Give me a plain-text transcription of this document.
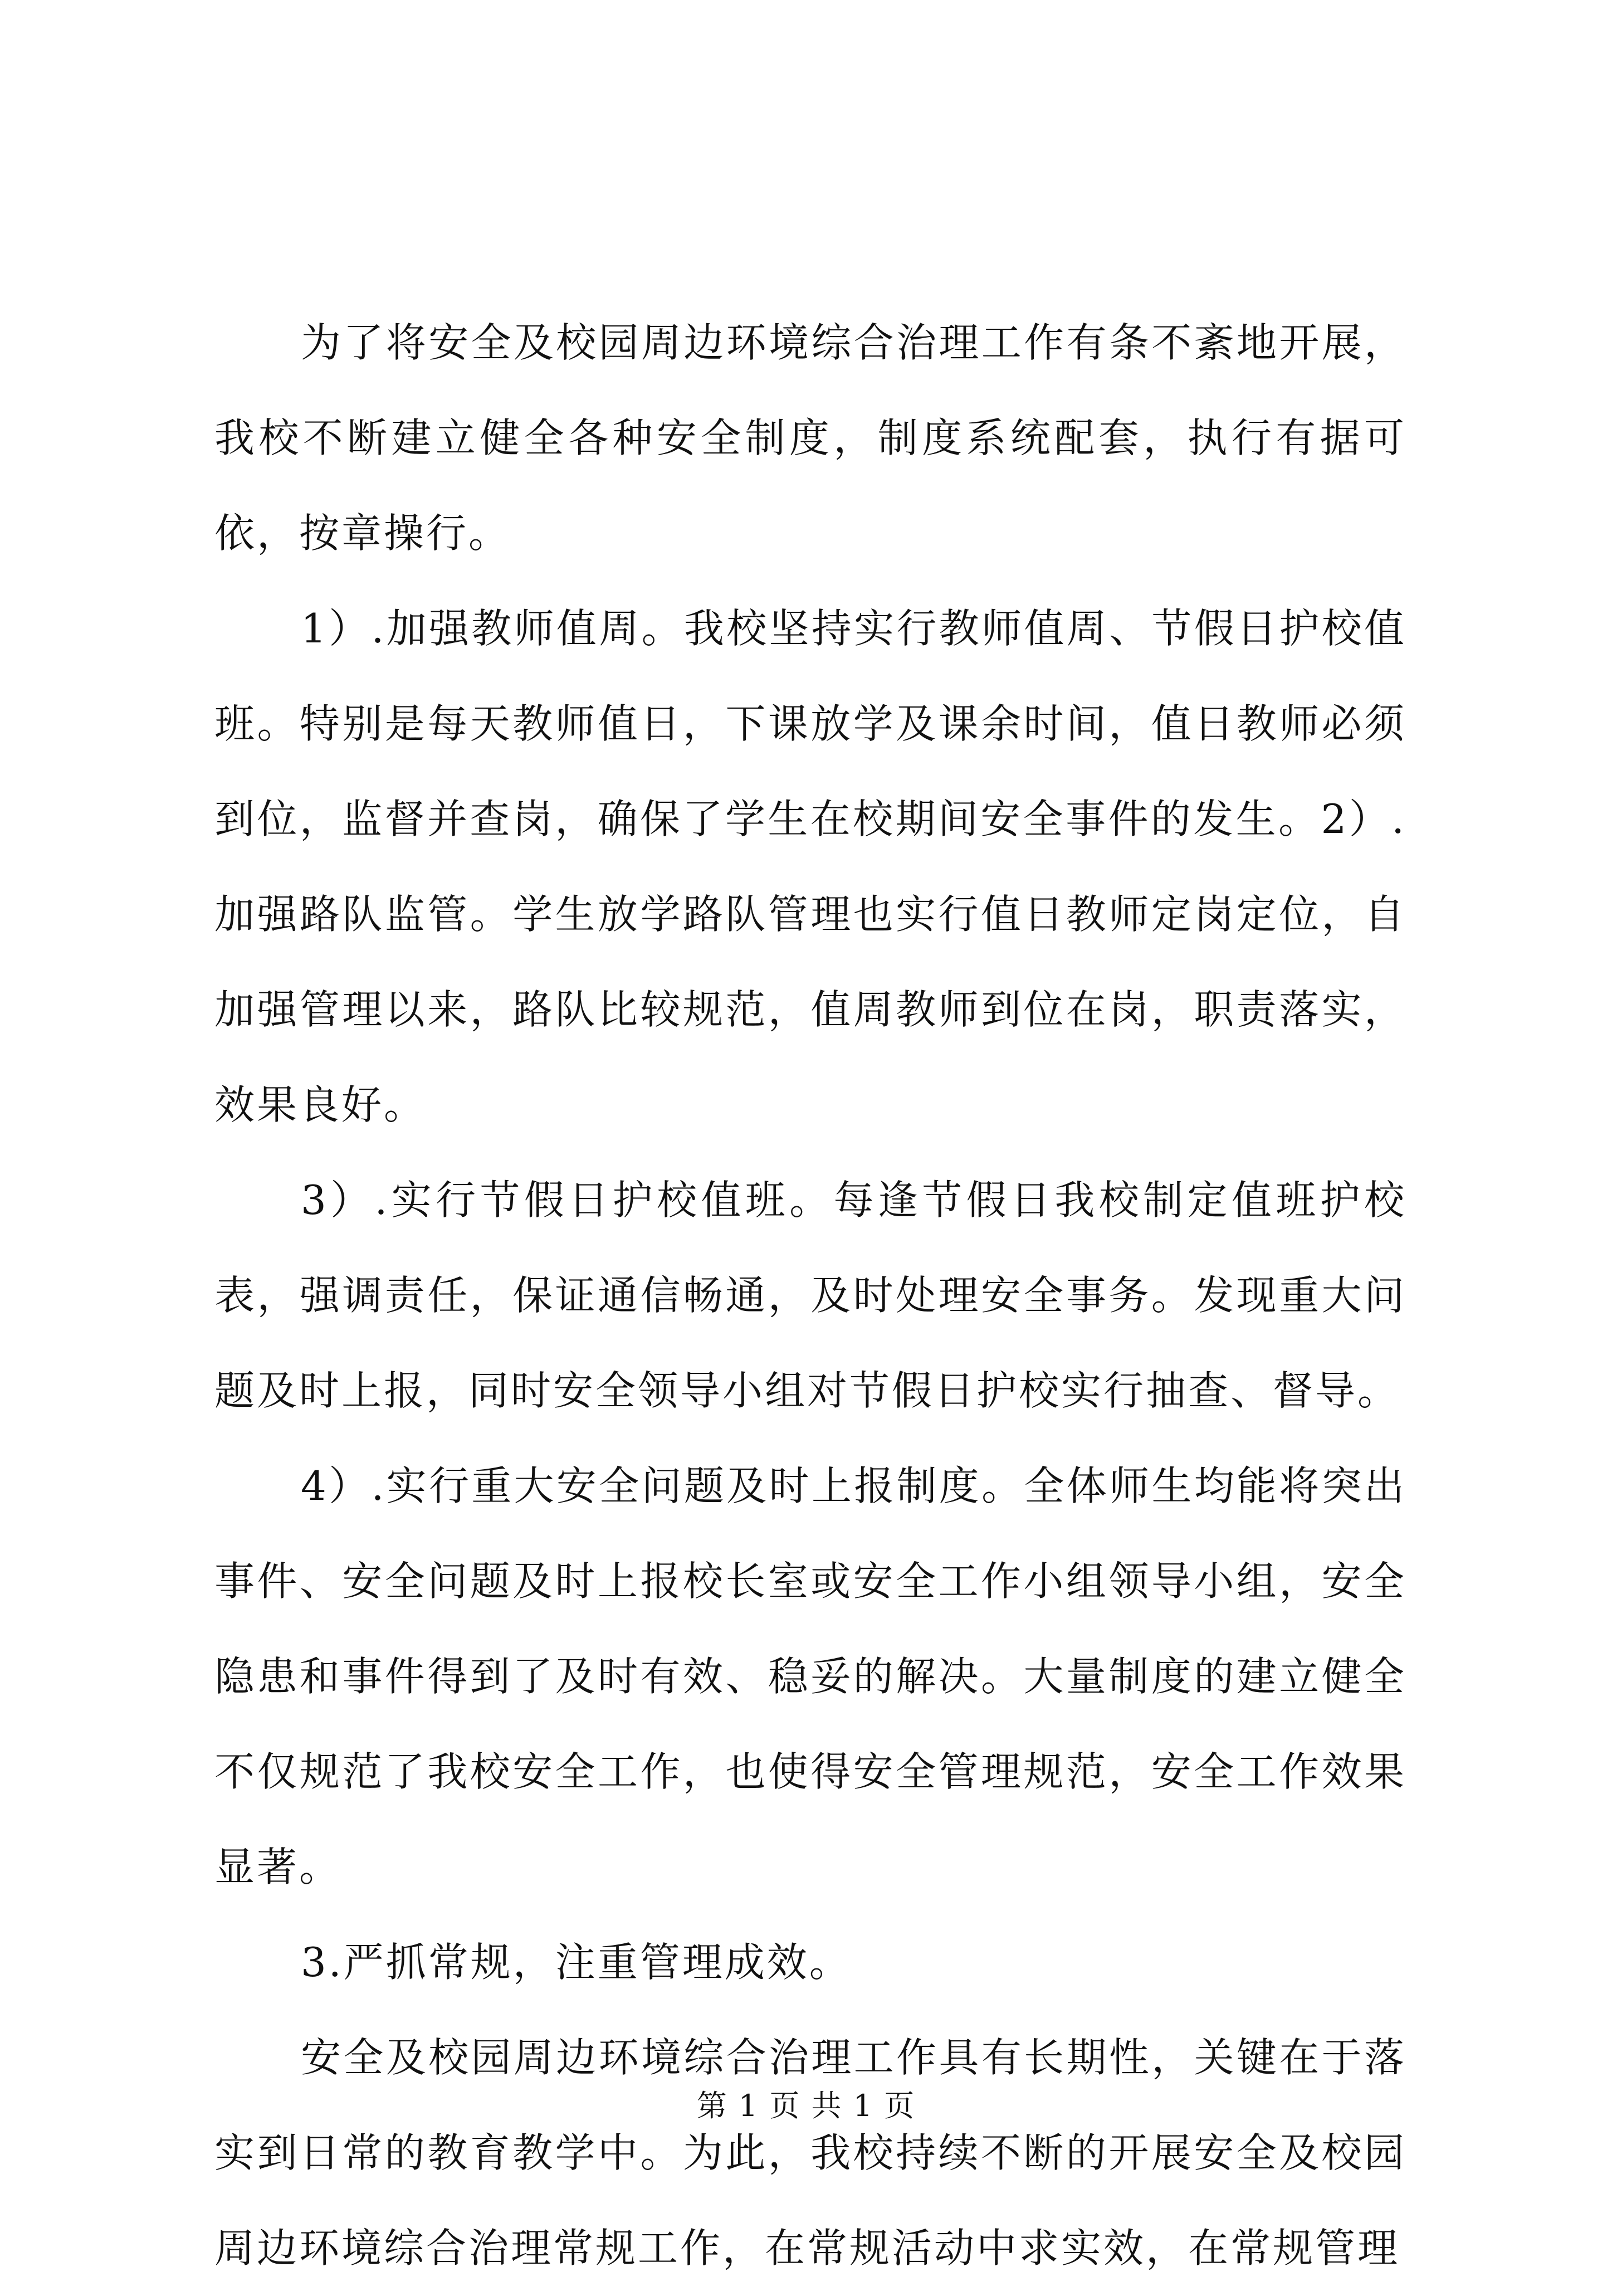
为了将安全及校园周边环境综合治理工作有条不紊地开展，我校不断建立健全各种安全制度，制度系统配套，执行有据可依，按章操行。

1）.加强教师值周。我校坚持实行教师值周、节假日护校值班。特别是每天教师值日，下课放学及课余时间，值日教师必须到位，监督并查岗，确保了学生在校期间安全事件的发生。2）.加强路队监管。学生放学路队管理也实行值日教师定岗定位，自加强管理以来，路队比较规范，值周教师到位在岗，职责落实，效果良好。

3）.实行节假日护校值班。每逢节假日我校制定值班护校表，强调责任，保证通信畅通，及时处理安全事务。发现重大问题及时上报，同时安全领导小组对节假日护校实行抽查、督导。

4）.实行重大安全问题及时上报制度。全体师生均能将突出事件、安全问题及时上报校长室或安全工作小组领导小组，安全隐患和事件得到了及时有效、稳妥的解决。大量制度的建立健全不仅规范了我校安全工作，也使得安全管理规范，安全工作效果显著。

3.严抓常规，注重管理成效。

安全及校园周边环境综合治理工作具有长期性，关键在于落实到日常的教育教学中。为此，我校持续不断的开展安全及校园周边环境综合治理常规工作，在常规活动中求实效，在常规管理

第 1 页 共 1 页
